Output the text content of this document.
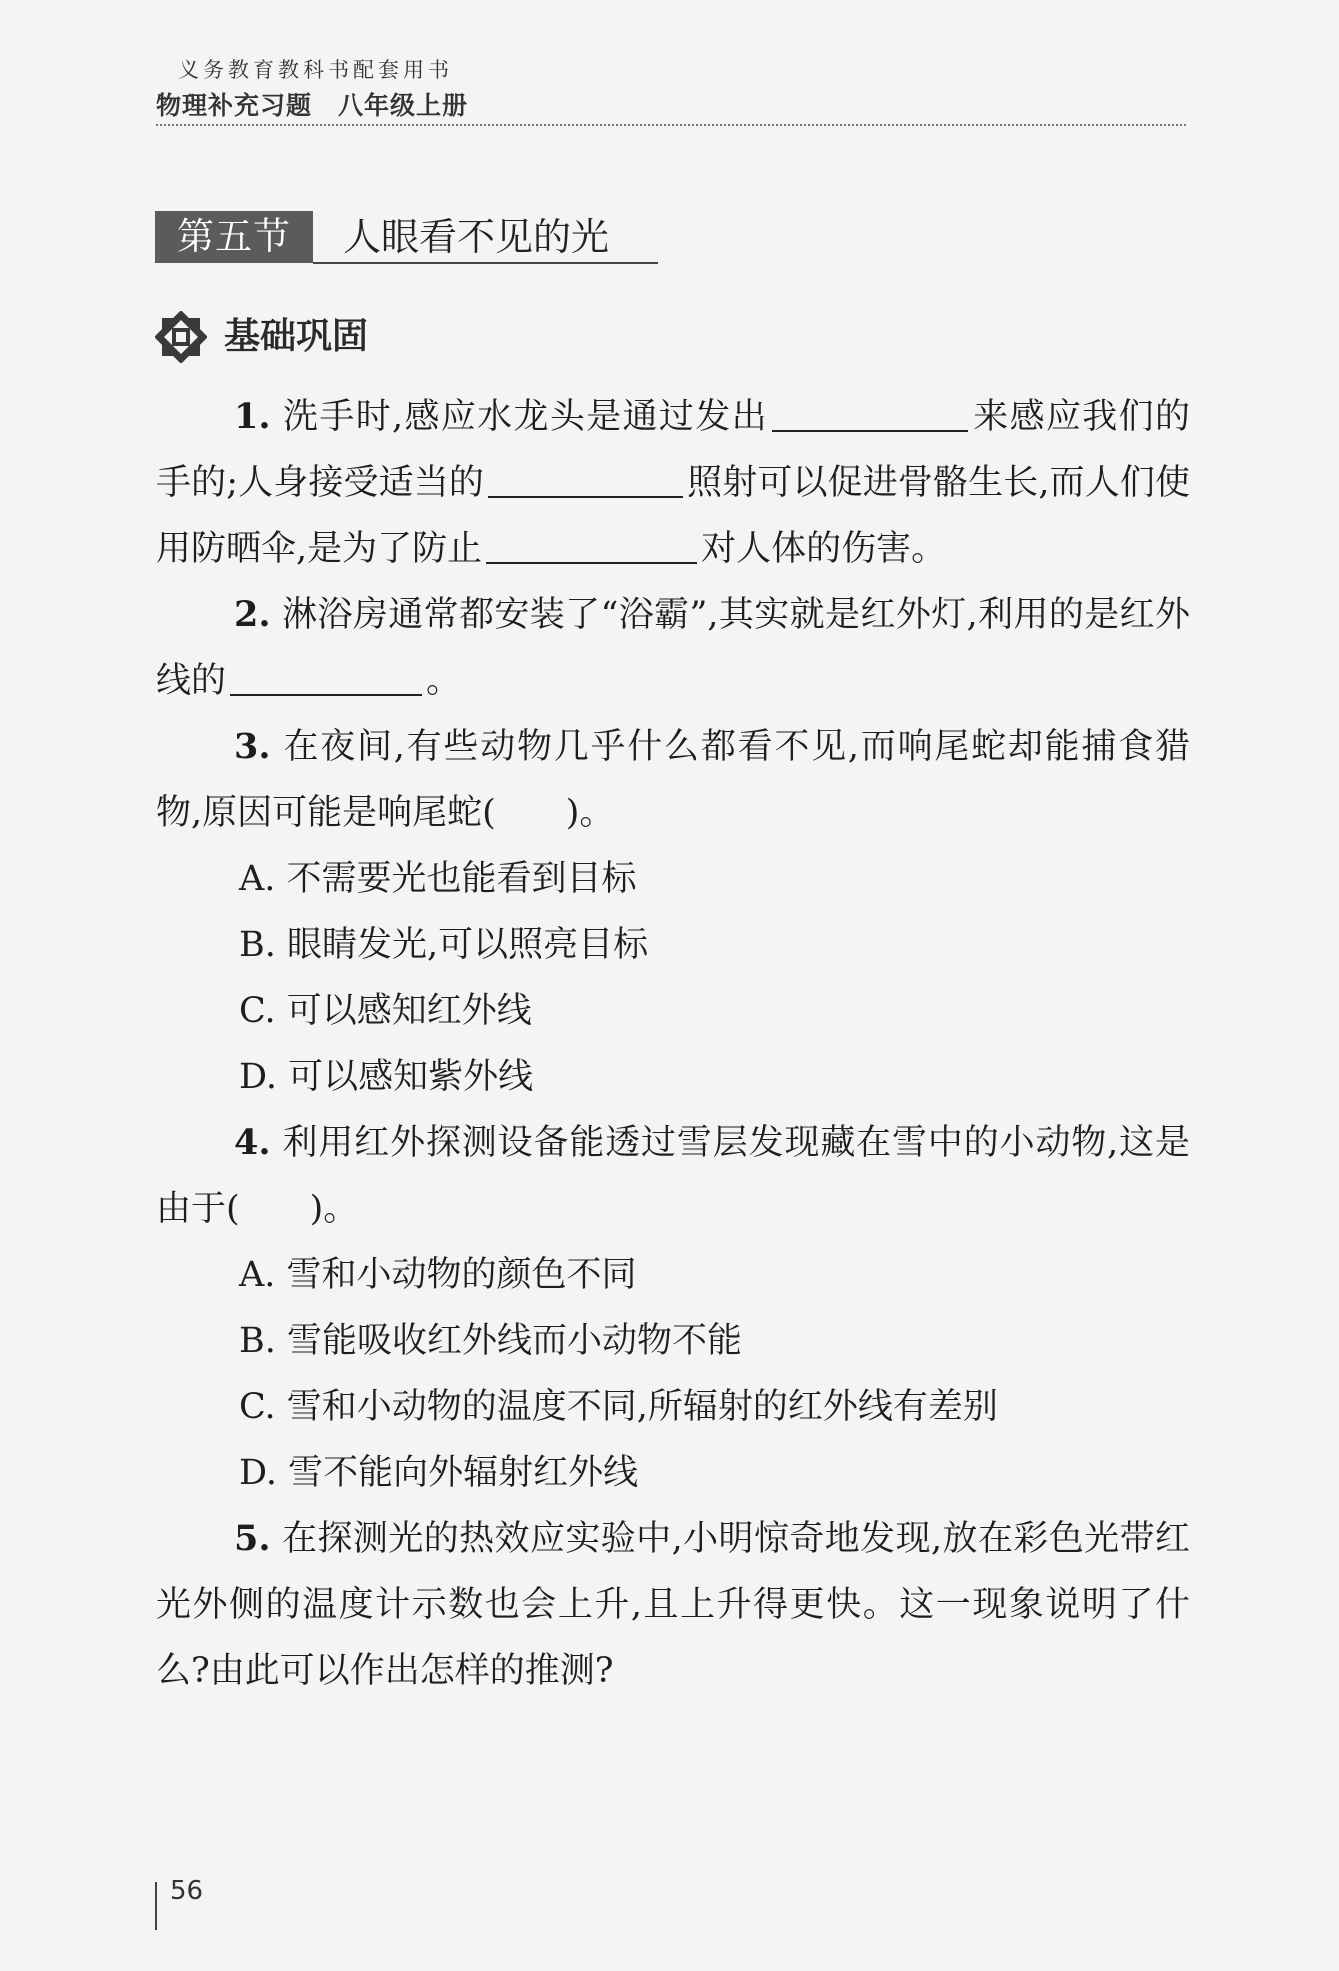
义务教育教科书配套用书
物理补充习题 八年级上册
第五节	人眼看不见的光
基础巩固

1. 洗手时,感应水龙头是通过发出	来感应我们的手的;人身接受适当的	照射可以促进骨骼生长,而人们使用防晒伞,是为了防止	对人体的伤害。

2. 淋浴房通常都安装了“浴霸”,其实就是红外灯,利用的是红外线的	。

3. 在夜间,有些动物几乎什么都看不见,而响尾蛇却能捕食猎物,原因可能是响尾蛇(　　)。

A. 不需要光也能看到目标

B. 眼睛发光,可以照亮目标

C. 可以感知红外线

D. 可以感知紫外线

4. 利用红外探测设备能透过雪层发现藏在雪中的小动物,这是由于(　　)。

A. 雪和小动物的颜色不同

B. 雪能吸收红外线而小动物不能

C. 雪和小动物的温度不同,所辐射的红外线有差别

D. 雪不能向外辐射红外线

5. 在探测光的热效应实验中,小明惊奇地发现,放在彩色光带红光外侧的温度计示数也会上升,且上升得更快。这一现象说明了什么?由此可以作出怎样的推测?

56
